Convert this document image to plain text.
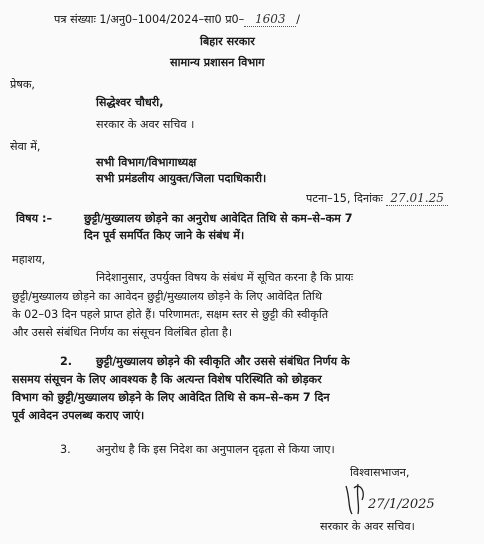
पत्र संख्याः 1/अनु0–1004/2024–सा0 प्र0– 1603 /
बिहार सरकार
सामान्य प्रशासन विभाग
प्रेषक,
सिद्धेश्वर चौधरी,
सरकार के अवर सचिव ।
सेवा में,
सभी विभाग/विभागाध्यक्ष
सभी प्रमंडलीय आयुक्त/जिला पदाधिकारी।
पटना–15, दिनांकः 27.01.25
विषय :–	छुट्टी/मुख्यालय छोड़ने का अनुरोध आवेदित तिथि से कम–से–कम 7
दिन पूर्व समर्पित किए जाने के संबंध में।
महाशय,
निदेशानुसार, उपर्युक्त विषय के संबंध में सूचित करना है कि प्रायः
छुट्टी/मुख्यालय छोड़ने का आवेदन छुट्टी/मुख्यालय छोड़ने के लिए आवेदित तिथि
के 02–03 दिन पहले प्राप्त होते हैं। परिणामतः, सक्षम स्तर से छुट्टी की स्वीकृति
और उससे संबंधित निर्णय का संसूचन विलंबित होता है।
2. छुट्टी/मुख्यालय छोड़ने की स्वीकृति और उससे संबंधित निर्णय के
ससमय संसूचन के लिए आवश्यक है कि अत्यन्त विशेष परिस्थिति को छोड़कर
विभाग को छुट्टी/मुख्यालय छोड़ने के लिए आवेदित तिथि से कम–से–कम 7 दिन
पूर्व आवेदन उपलब्ध कराए जाएं।
3. अनुरोध है कि इस निदेश का अनुपालन दृढ़ता से किया जाए।
विश्वासभाजन,
27/1/2025
सरकार के अवर सचिव।
